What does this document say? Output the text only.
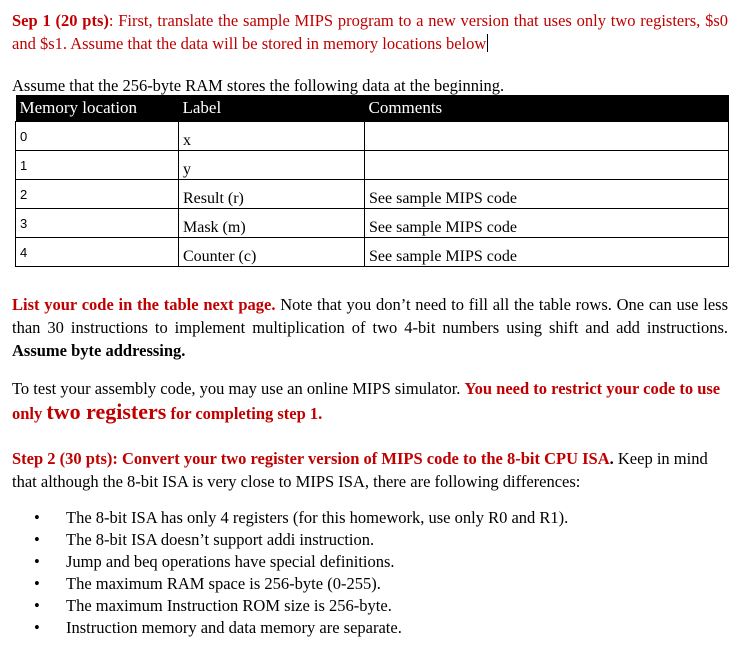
Sep 1 (20 pts): First, translate the sample MIPS program to a new version that uses only two registers, $s0 and $s1. Assume that the data will be stored in memory locations below

Assume that the 256-byte RAM stores the following data at the beginning.

Memory location	Label	Comments
0	x	
1	y	
2	Result (r)	See sample MIPS code
3	Mask (m)	See sample MIPS code
4	Counter (c)	See sample MIPS code

List your code in the table next page. Note that you don’t need to fill all the table rows. One can use less than 30 instructions to implement multiplication of two 4-bit numbers using shift and add instructions. Assume byte addressing.

To test your assembly code, you may use an online MIPS simulator. You need to restrict your code to use only two registers for completing step 1.

Step 2 (30 pts): Convert your two register version of MIPS code to the 8-bit CPU ISA. Keep in mind that although the 8-bit ISA is very close to MIPS ISA, there are following differences:

• The 8-bit ISA has only 4 registers (for this homework, use only R0 and R1).
• The 8-bit ISA doesn’t support addi instruction.
• Jump and beq operations have special definitions.
• The maximum RAM space is 256-byte (0-255).
• The maximum Instruction ROM size is 256-byte.
• Instruction memory and data memory are separate.
